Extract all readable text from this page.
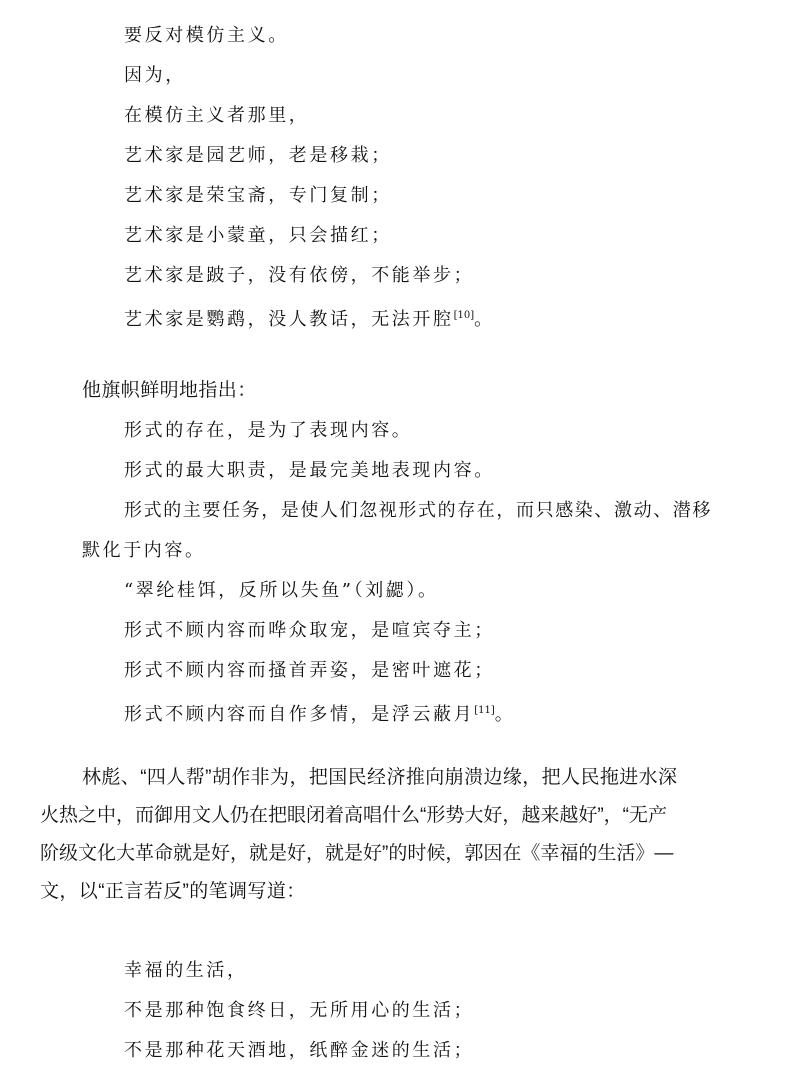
要反对模仿主义。

因为，

在模仿主义者那里，

艺术家是园艺师，老是移栽；

艺术家是荣宝斋，专门复制；

艺术家是小蒙童，只会描红；

艺术家是跛子，没有依傍，不能举步；

艺术家是鹦鹉，没人教话，无法开腔[10]。

他旗帜鲜明地指出：

形式的存在，是为了表现内容。

形式的最大职责，是最完美地表现内容。

形式的主要任务，是使人们忽视形式的存在，而只感染、激动、潜移

默化于内容。

“翠纶桂饵，反所以失鱼”（刘勰）。

形式不顾内容而哗众取宠，是喧宾夺主；

形式不顾内容而搔首弄姿，是密叶遮花；

形式不顾内容而自作多情，是浮云蔽月[11]。

林彪、“四人帮”胡作非为，把国民经济推向崩溃边缘，把人民拖进水深

火热之中，而御用文人仍在把眼闭着高唱什么“形势大好，越来越好”，“无产

阶级文化大革命就是好，就是好，就是好”的时候，郭因在《幸福的生活》—

文，以“正言若反”的笔调写道：

幸福的生活，

不是那种饱食终日，无所用心的生活；

不是那种花天酒地，纸醉金迷的生活；
